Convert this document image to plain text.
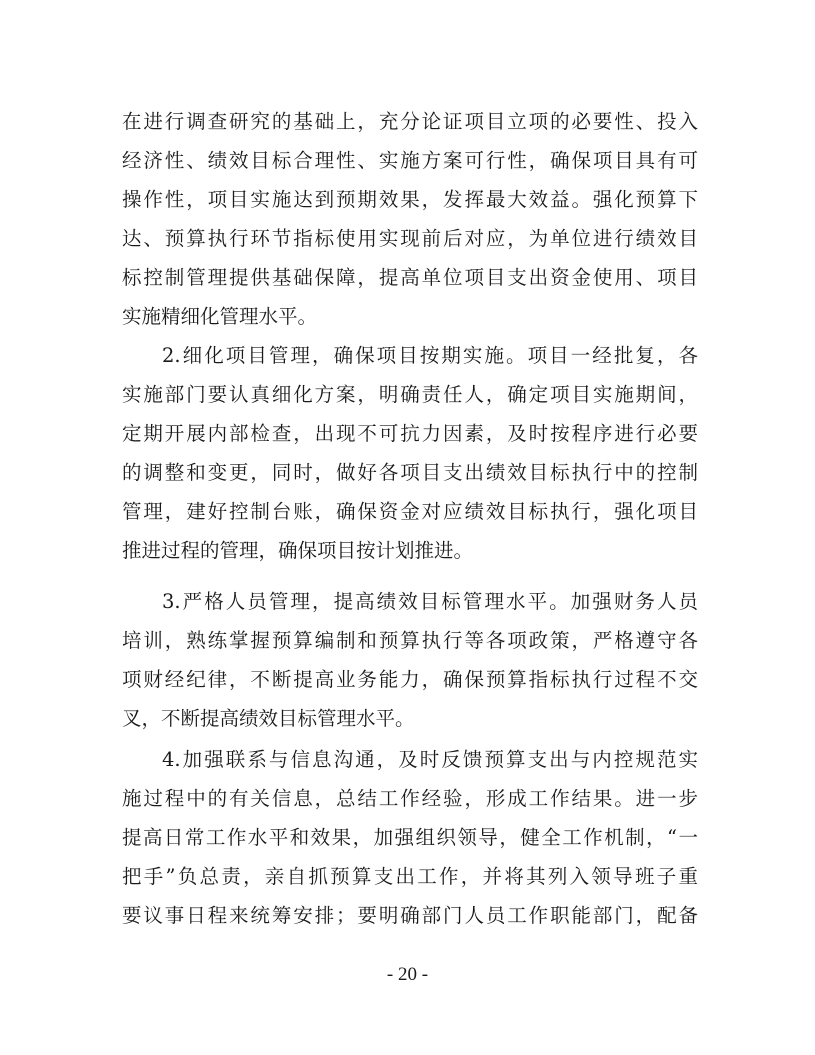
在进行调查研究的基础上，充分论证项目立项的必要性、投入
经济性、绩效目标合理性、实施方案可行性，确保项目具有可
操作性，项目实施达到预期效果，发挥最大效益。强化预算下
达、预算执行环节指标使用实现前后对应，为单位进行绩效目
标控制管理提供基础保障，提高单位项目支出资金使用、项目
实施精细化管理水平。
2.细化项目管理，确保项目按期实施。项目一经批复，各
实施部门要认真细化方案，明确责任人，确定项目实施期间，
定期开展内部检查，出现不可抗力因素，及时按程序进行必要
的调整和变更，同时，做好各项目支出绩效目标执行中的控制
管理，建好控制台账，确保资金对应绩效目标执行，强化项目
推进过程的管理，确保项目按计划推进。
3.严格人员管理，提高绩效目标管理水平。加强财务人员
培训，熟练掌握预算编制和预算执行等各项政策，严格遵守各
项财经纪律，不断提高业务能力，确保预算指标执行过程不交
叉，不断提高绩效目标管理水平。
4.加强联系与信息沟通，及时反馈预算支出与内控规范实
施过程中的有关信息，总结工作经验，形成工作结果。进一步
提高日常工作水平和效果，加强组织领导，健全工作机制，“一
把手”负总责，亲自抓预算支出工作，并将其列入领导班子重
要议事日程来统筹安排；要明确部门人员工作职能部门，配备
- 20 -
